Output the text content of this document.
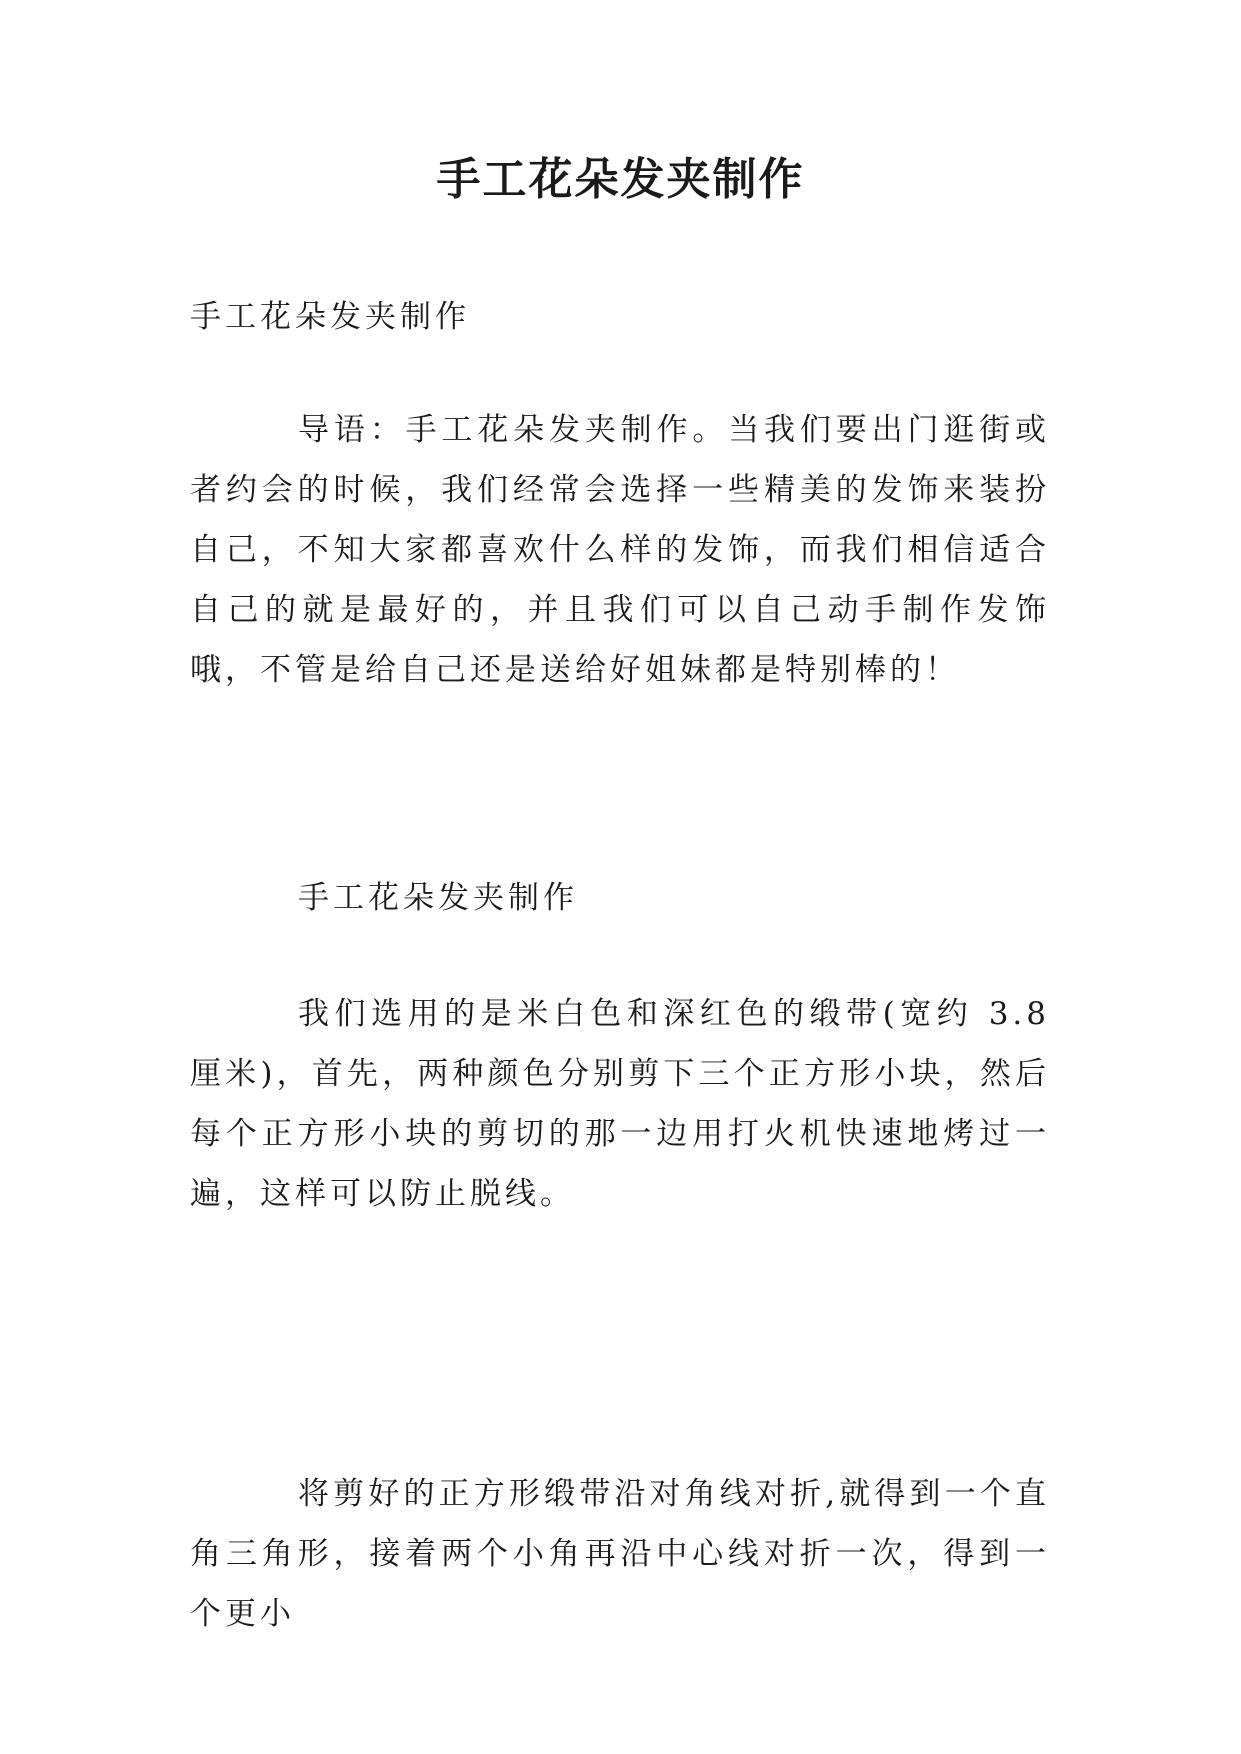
手工花朵发夹制作

手工花朵发夹制作

导语：手工花朵发夹制作。当我们要出门逛街或者约会的时候，我们经常会选择一些精美的发饰来装扮自己，不知大家都喜欢什么样的发饰，而我们相信适合自己的就是最好的，并且我们可以自己动手制作发饰哦，不管是给自己还是送给好姐妹都是特别棒的！

手工花朵发夹制作

我们选用的是米白色和深红色的缎带(宽约 3.8 厘米)，首先，两种颜色分别剪下三个正方形小块，然后每个正方形小块的剪切的那一边用打火机快速地烤过一遍，这样可以防止脱线。

将剪好的正方形缎带沿对角线对折,就得到一个直角三角形，接着两个小角再沿中心线对折一次，得到一个更小
